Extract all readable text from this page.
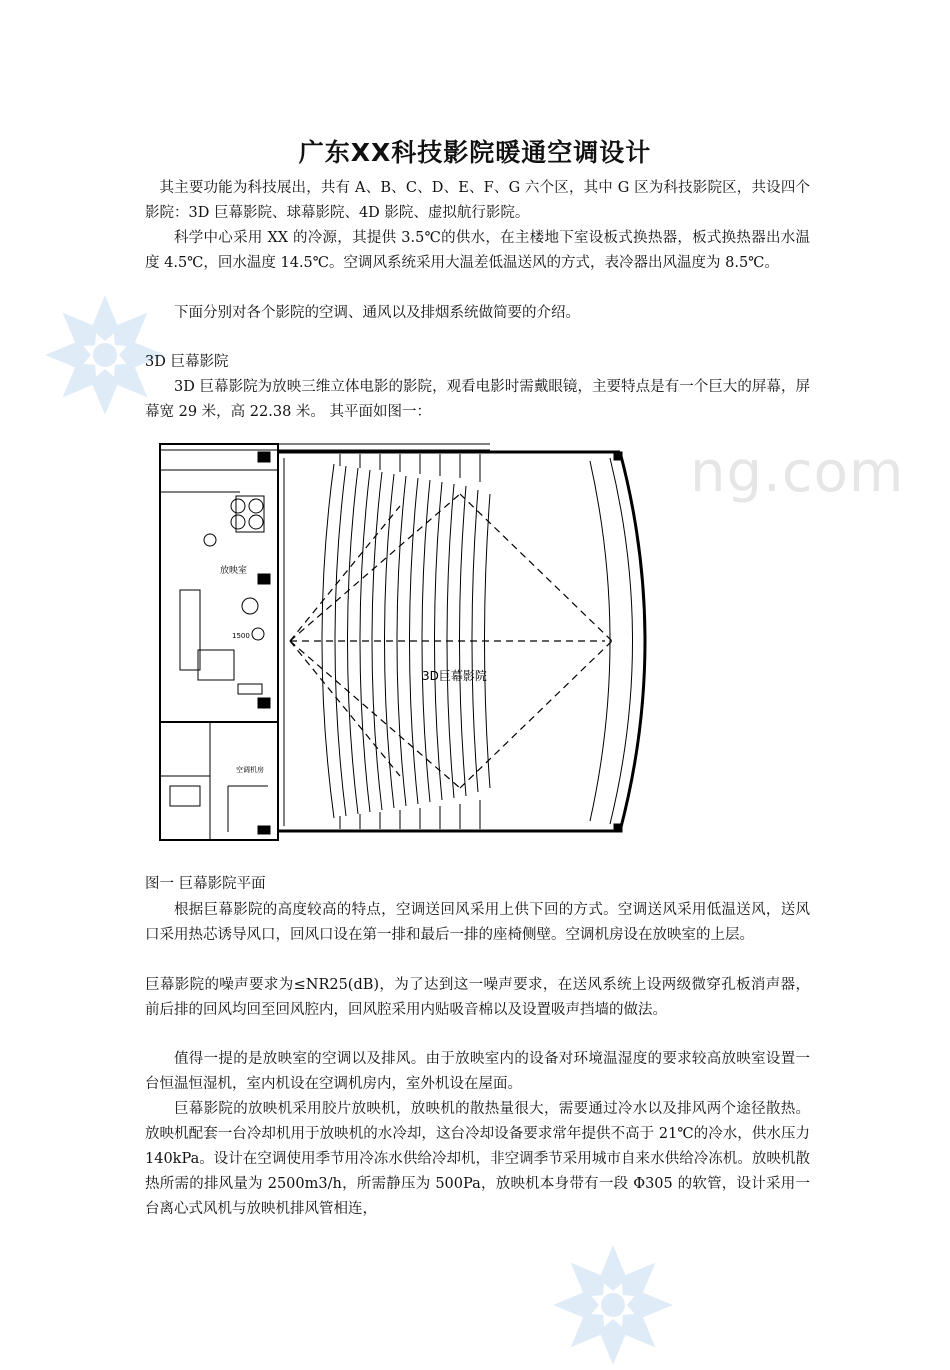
ng.com
广东XX科技影院暖通空调设计

其主要功能为科技展出，共有 A、B、C、D、E、F、G 六个区，其中 G 区为科技影院区，共设四个影院：3D 巨幕影院、球幕影院、4D 影院、虚拟航行影院。

科学中心采用 XX 的冷源，其提供 3.5℃的供水，在主楼地下室设板式换热器，板式换热器出水温度 4.5℃，回水温度 14.5℃。空调风系统采用大温差低温送风的方式，表冷器出风温度为 8.5℃。

下面分别对各个影院的空调、通风以及排烟系统做简要的介绍。

3D 巨幕影院

3D 巨幕影院为放映三维立体电影的影院，观看电影时需戴眼镜，主要特点是有一个巨大的屏幕，屏幕宽 29 米，高 22.38 米。 其平面如图一：

放映室
1500
3D巨幕影院
空调机房

图一 巨幕影院平面

根据巨幕影院的高度较高的特点，空调送回风采用上供下回的方式。空调送风采用低温送风，送风口采用热芯诱导风口，回风口设在第一排和最后一排的座椅侧壁。空调机房设在放映室的上层。

巨幕影院的噪声要求为≤NR25(dB)，为了达到这一噪声要求，在送风系统上设两级微穿孔板消声器，前后排的回风均回至回风腔内，回风腔采用内贴吸音棉以及设置吸声挡墙的做法。

值得一提的是放映室的空调以及排风。由于放映室内的设备对环境温湿度的要求较高放映室设置一台恒温恒湿机，室内机设在空调机房内，室外机设在屋面。

巨幕影院的放映机采用胶片放映机，放映机的散热量很大，需要通过冷水以及排风两个途径散热。放映机配套一台冷却机用于放映机的水冷却，这台冷却设备要求常年提供不高于 21℃的冷水，供水压力 140kPa。设计在空调使用季节用冷冻水供给冷却机，非空调季节采用城市自来水供给冷冻机。放映机散热所需的排风量为 2500m3/h，所需静压为 500Pa，放映机本身带有一段 Φ305 的软管，设计采用一台离心式风机与放映机排风管相连，
